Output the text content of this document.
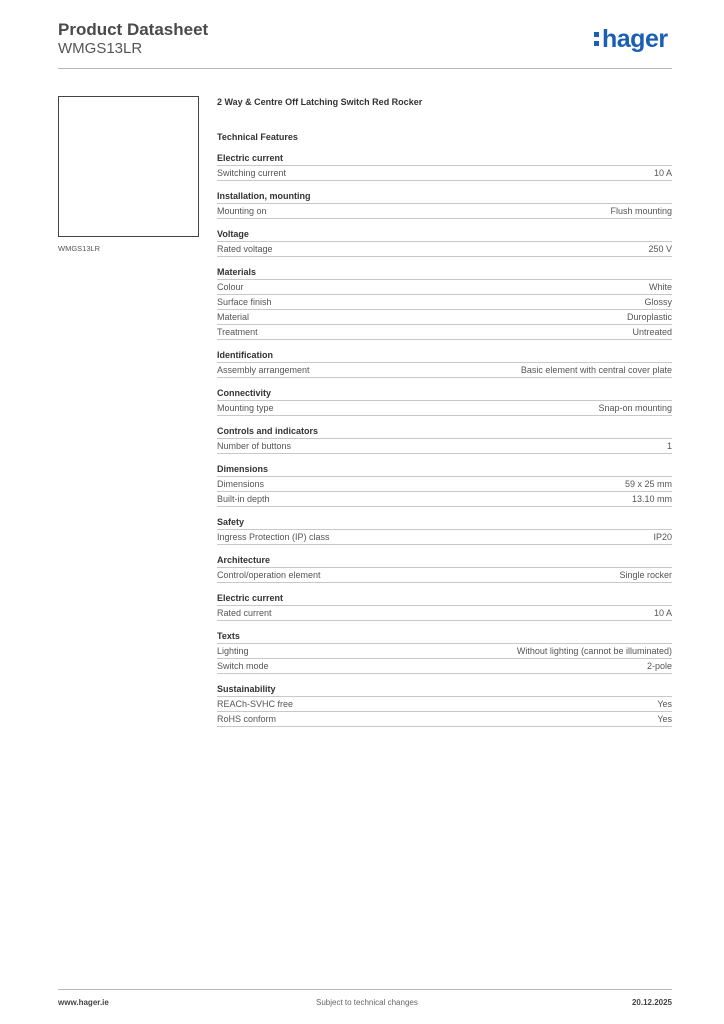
Product Datasheet
WMGS13LR	hager
WMGS13LR
2 Way & Centre Off Latching Switch Red Rocker
Technical Features
Electric current
Switching current	10 A
Installation, mounting
Mounting on	Flush mounting
Voltage
Rated voltage	250 V
Materials
Colour	White
Surface finish	Glossy
Material	Duroplastic
Treatment	Untreated
Identification
Assembly arrangement	Basic element with central cover plate
Connectivity
Mounting type	Snap-on mounting
Controls and indicators
Number of buttons	1
Dimensions
Dimensions	59 x 25 mm
Built-in depth	13.10 mm
Safety
Ingress Protection (IP) class	IP20
Architecture
Control/operation element	Single rocker
Electric current
Rated current	10 A
Texts
Lighting	Without lighting (cannot be illuminated)
Switch mode	2-pole
Sustainability
REACh-SVHC free	Yes
RoHS conform	Yes
www.hager.ie	Subject to technical changes	20.12.2025
